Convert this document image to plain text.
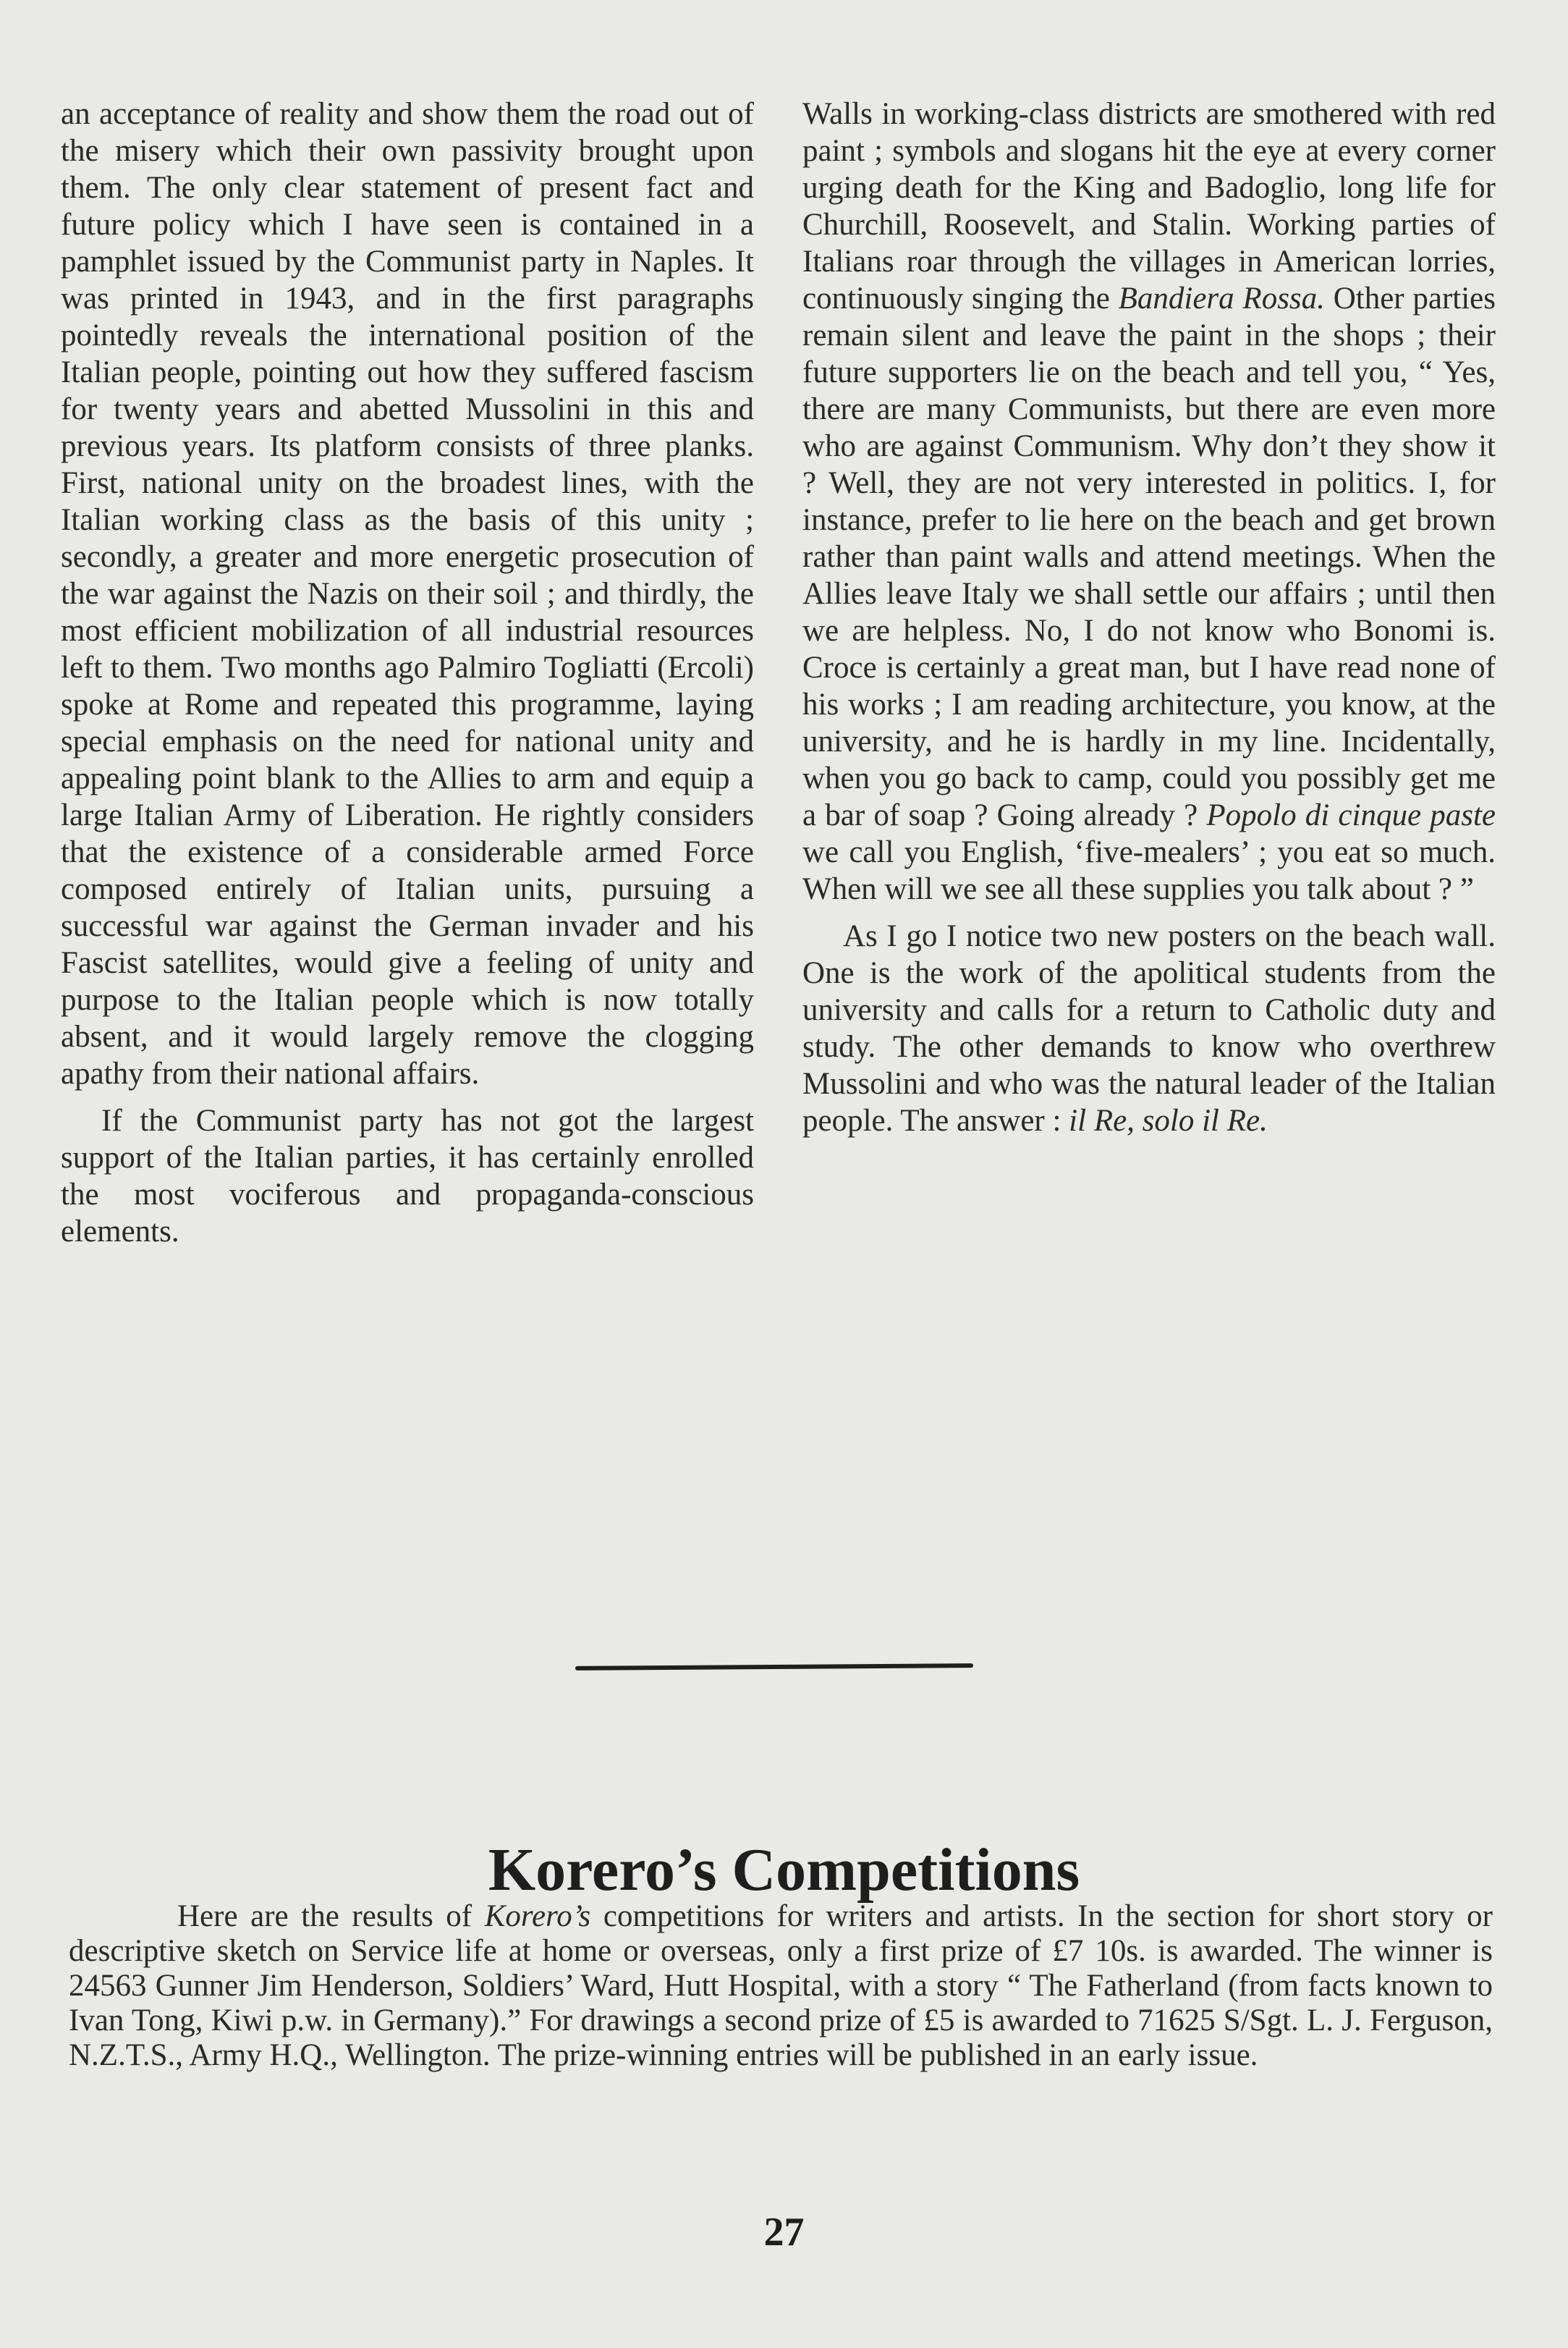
an acceptance of reality and show them the road out of the misery which their own passivity brought upon them. The only clear statement of present fact and future policy which I have seen is contained in a pamphlet issued by the Communist party in Naples. It was printed in 1943, and in the first paragraphs pointedly reveals the international position of the Italian people, pointing out how they suffered fascism for twenty years and abetted Mussolini in this and previous years. Its platform consists of three planks. First, national unity on the broadest lines, with the Italian working class as the basis of this unity ; secondly, a greater and more energetic prosecution of the war against the Nazis on their soil ; and thirdly, the most efficient mobilization of all industrial resources left to them. Two months ago Palmiro Togliatti (Ercoli) spoke at Rome and repeated this programme, laying special emphasis on the need for national unity and appealing point blank to the Allies to arm and equip a large Italian Army of Liberation. He rightly considers that the existence of a considerable armed Force composed entirely of Italian units, pursuing a successful war against the German invader and his Fascist satellites, would give a feeling of unity and purpose to the Italian people which is now totally absent, and it would largely remove the clogging apathy from their national affairs.

If the Communist party has not got the largest support of the Italian parties, it has certainly enrolled the most vociferous and propaganda-conscious elements.

Walls in working-class districts are smothered with red paint ; symbols and slogans hit the eye at every corner urging death for the King and Badoglio, long life for Churchill, Roosevelt, and Stalin. Working parties of Italians roar through the villages in American lorries, continuously singing the Bandiera Rossa. Other parties remain silent and leave the paint in the shops ; their future supporters lie on the beach and tell you, “ Yes, there are many Communists, but there are even more who are against Communism. Why don’t they show it ? Well, they are not very interested in politics. I, for instance, prefer to lie here on the beach and get brown rather than paint walls and attend meetings. When the Allies leave Italy we shall settle our affairs ; until then we are helpless. No, I do not know who Bonomi is. Croce is certainly a great man, but I have read none of his works ; I am reading architecture, you know, at the university, and he is hardly in my line. Incidentally, when you go back to camp, could you possibly get me a bar of soap ? Going already ? Popolo di cinque paste we call you English, ‘five-mealers’ ; you eat so much. When will we see all these supplies you talk about ? ”

As I go I notice two new posters on the beach wall. One is the work of the apolitical students from the university and calls for a return to Catholic duty and study. The other demands to know who overthrew Mussolini and who was the natural leader of the Italian people. The answer : il Re, solo il Re.

Korero’s Competitions

Here are the results of Korero’s competitions for writers and artists. In the section for short story or descriptive sketch on Service life at home or overseas, only a first prize of £7 10s. is awarded. The winner is 24563 Gunner Jim Henderson, Soldiers’ Ward, Hutt Hospital, with a story “ The Fatherland (from facts known to Ivan Tong, Kiwi p.w. in Germany).” For drawings a second prize of £5 is awarded to 71625 S/Sgt. L. J. Ferguson, N.Z.T.S., Army H.Q., Wellington. The prize-winning entries will be published in an early issue.

27
